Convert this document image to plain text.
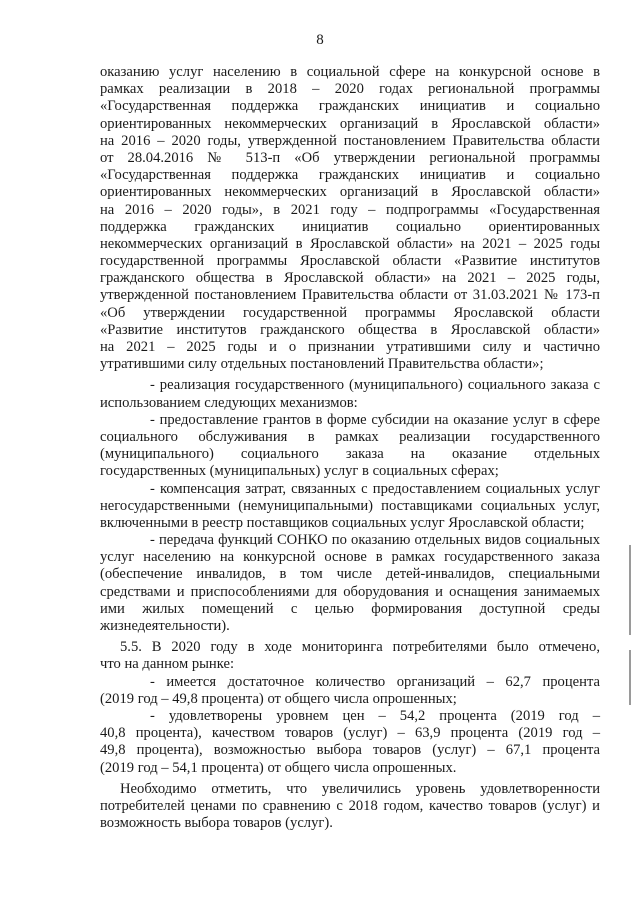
8
оказанию услуг населению в социальной сфере на конкурсной основе в
рамках реализации в 2018 – 2020 годах региональной программы
«Государственная поддержка гражданских инициатив и социально
ориентированных некоммерческих организаций в Ярославской области»
на 2016 – 2020 годы, утвержденной постановлением Правительства области
от 28.04.2016 № 513-п «Об утверждении региональной программы
«Государственная поддержка гражданских инициатив и социально
ориентированных некоммерческих организаций в Ярославской области»
на 2016 – 2020 годы», в 2021 году – подпрограммы «Государственная
поддержка гражданских инициатив социально ориентированных
некоммерческих организаций в Ярославской области» на 2021 – 2025 годы
государственной программы Ярославской области «Развитие институтов
гражданского общества в Ярославской области» на 2021 – 2025 годы,
утвержденной постановлением Правительства области от 31.03.2021 № 173-п
«Об утверждении государственной программы Ярославской области
«Развитие институтов гражданского общества в Ярославской области»
на 2021 – 2025 годы и о признании утратившими силу и частично
утратившими силу отдельных постановлений Правительства области»;
- реализация государственного (муниципального) социального заказа с
использованием следующих механизмов:
- предоставление грантов в форме субсидии на оказание услуг в сфере
социального обслуживания в рамках реализации государственного
(муниципального) социального заказа на оказание отдельных
государственных (муниципальных) услуг в социальных сферах;
- компенсация затрат, связанных с предоставлением социальных услуг
негосударственными (немуниципальными) поставщиками социальных услуг,
включенными в реестр поставщиков социальных услуг Ярославской области;
- передача функций СОНКО по оказанию отдельных видов социальных
услуг населению на конкурсной основе в рамках государственного заказа
(обеспечение инвалидов, в том числе детей-инвалидов, специальными
средствами и приспособлениями для оборудования и оснащения занимаемых
ими жилых помещений с целью формирования доступной среды
жизнедеятельности).
5.5. В 2020 году в ходе мониторинга потребителями было отмечено,
что на данном рынке:
- имеется достаточное количество организаций – 62,7 процента
(2019 год – 49,8 процента) от общего числа опрошенных;
- удовлетворены уровнем цен – 54,2 процента (2019 год –
40,8 процента), качеством товаров (услуг) – 63,9 процента (2019 год –
49,8 процента), возможностью выбора товаров (услуг) – 67,1 процента
(2019 год – 54,1 процента) от общего числа опрошенных.
Необходимо отметить, что увеличились уровень удовлетворенности
потребителей ценами по сравнению с 2018 годом, качество товаров (услуг) и
возможность выбора товаров (услуг).
